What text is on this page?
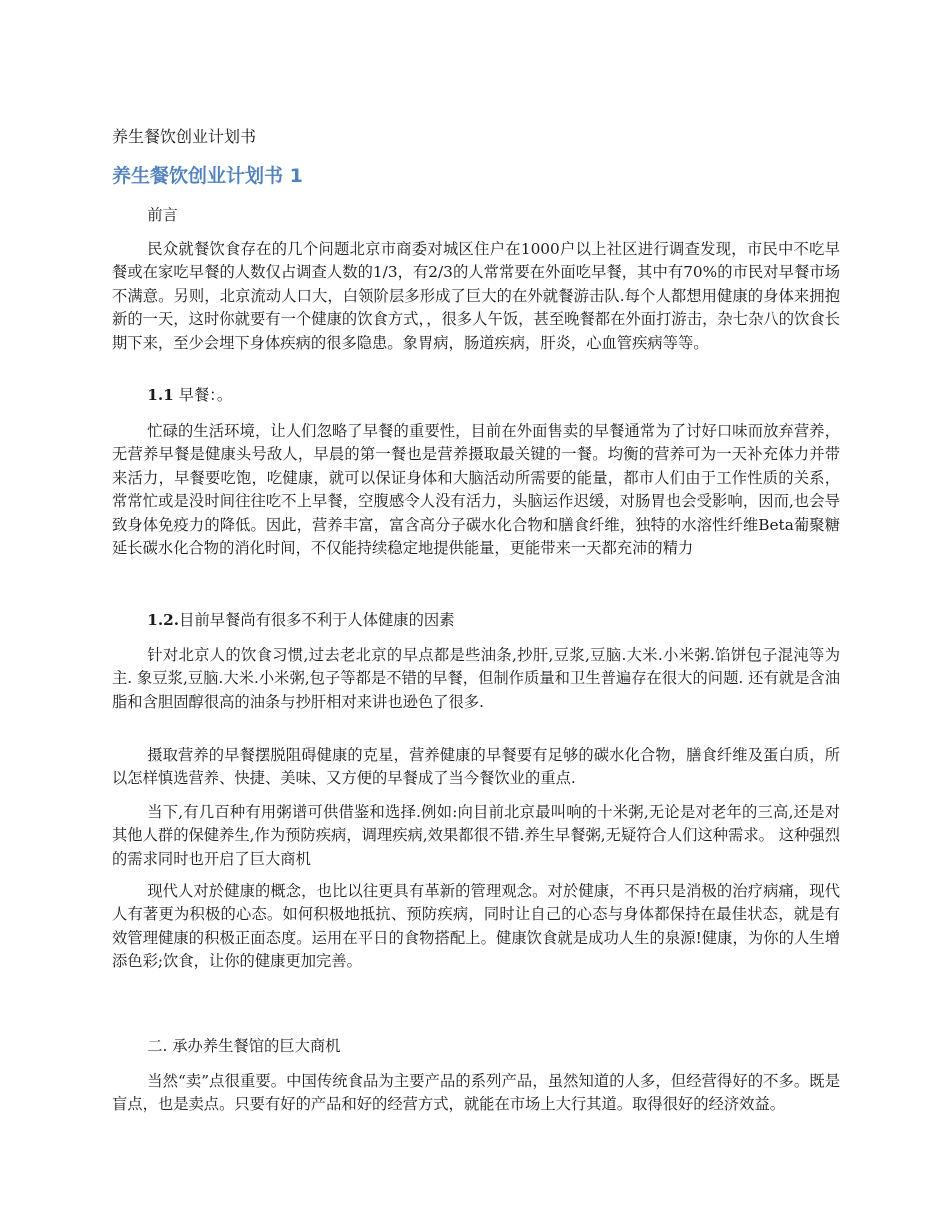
养生餐饮创业计划书
养生餐饮创业计划书 1

前言

民众就餐饮食存在的几个问题北京市商委对城区住户在1000户以上社区进行调查发现，市民中不吃早餐或在家吃早餐的人数仅占调查人数的1/3，有2/3的人常常要在外面吃早餐，其中有70%的市民对早餐市场不满意。另则，北京流动人口大，白领阶层多形成了巨大的在外就餐游击队.每个人都想用健康的身体来拥抱新的一天，这时你就要有一个健康的饮食方式，，很多人午饭，甚至晚餐都在外面打游击，杂七杂八的饮食长期下来，至少会埋下身体疾病的很多隐患。象胃病，肠道疾病，肝炎，心血管疾病等等。

1.1 早餐：。

忙碌的生活环境，让人们忽略了早餐的重要性，目前在外面售卖的早餐通常为了讨好口味而放弃营养，无营养早餐是健康头号敌人，早晨的第一餐也是营养摄取最关键的一餐。均衡的营养可为一天补充体力并带来活力，早餐要吃饱，吃健康，就可以保证身体和大脑活动所需要的能量，都市人们由于工作性质的关系，常常忙或是没时间往往吃不上早餐，空腹感令人没有活力，头脑运作迟缓，对肠胃也会受影响，因而,也会导致身体免疫力的降低。因此，营养丰富，富含高分子碳水化合物和膳食纤维，独特的水溶性纤维Beta葡聚糖延长碳水化合物的消化时间，不仅能持续稳定地提供能量，更能带来一天都充沛的精力

1.2.目前早餐尚有很多不利于人体健康的因素

针对北京人的饮食习惯,过去老北京的早点都是些油条,抄肝,豆浆,豆脑.大米.小米粥.馅饼包子混沌等为主. 象豆浆,豆脑.大米.小米粥,包子等都是不错的早餐，但制作质量和卫生普遍存在很大的问题. 还有就是含油脂和含胆固醇很高的油条与抄肝相对来讲也逊色了很多.

摄取营养的早餐摆脱阻碍健康的克星，营养健康的早餐要有足够的碳水化合物，膳食纤维及蛋白质，所以怎样慎选营养、快捷、美味、又方便的早餐成了当今餐饮业的重点.

当下,有几百种有用粥谱可供借鉴和选择.例如:向目前北京最叫响的十米粥,无论是对老年的三高,还是对其他人群的保健养生,作为预防疾病，调理疾病,效果都很不错.养生早餐粥,无疑符合人们这种需求。 这种强烈的需求同时也开启了巨大商机

现代人对於健康的概念，也比以往更具有革新的管理观念。对於健康，不再只是消极的治疗病痛，现代人有著更为积极的心态。如何积极地抵抗、预防疾病，同时让自己的心态与身体都保持在最佳状态，就是有效管理健康的积极正面态度。运用在平日的食物搭配上。健康饮食就是成功人生的泉源!健康，为你的人生增添色彩;饮食，让你的健康更加完善。

二. 承办养生餐馆的巨大商机

当然“卖”点很重要。中国传统食品为主要产品的系列产品，虽然知道的人多，但经营得好的不多。既是盲点，也是卖点。只要有好的产品和好的经营方式，就能在市场上大行其道。取得很好的经济效益。
